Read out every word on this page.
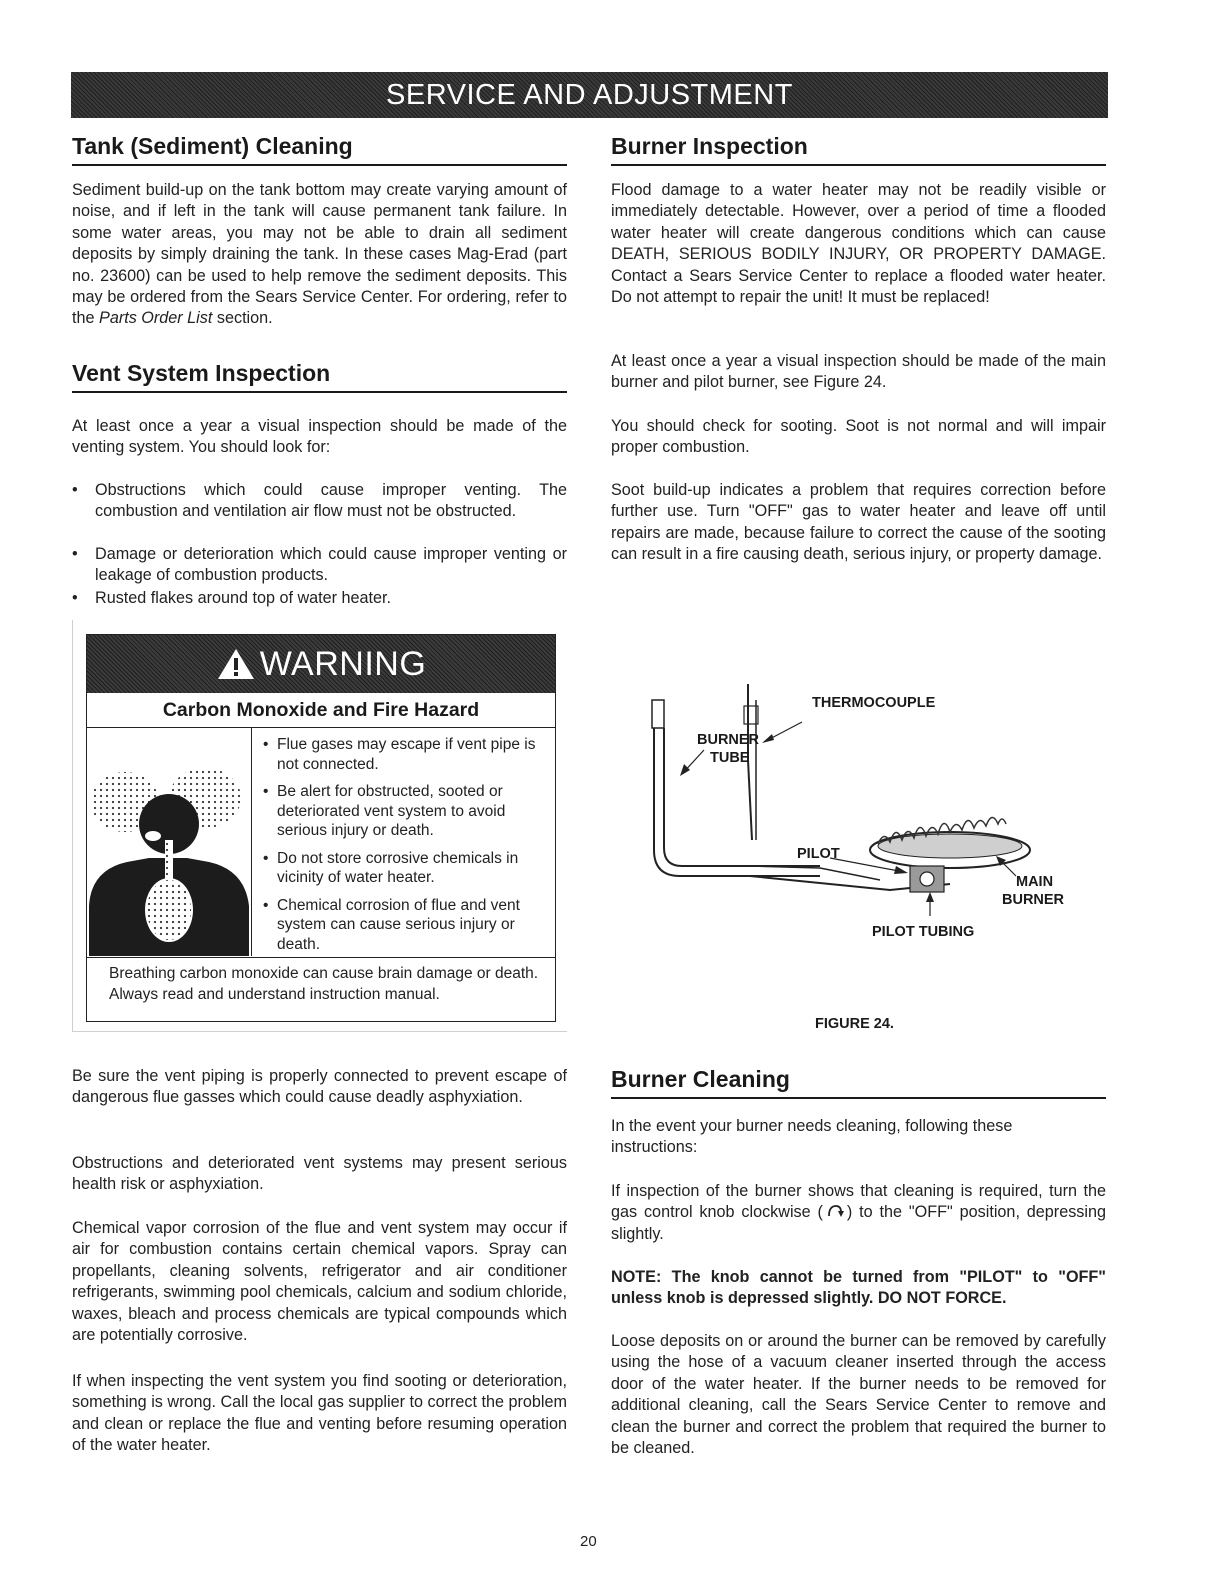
SERVICE AND ADJUSTMENT
Tank (Sediment) Cleaning

Sediment build-up on the tank bottom may create varying amount of noise, and if left in the tank will cause permanent tank failure. In some water areas, you may not be able to drain all sediment deposits by simply draining the tank. In these cases Mag-Erad (part no. 23600) can be used to help remove the sediment deposits. This may be ordered from the Sears Service Center. For ordering, refer to the Parts Order List section.

Vent System Inspection

At least once a year a visual inspection should be made of the venting system. You should look for:

• Obstructions which could cause improper venting. The combustion and ventilation air flow must not be obstructed.
• Damage or deterioration which could cause improper venting or leakage of combustion products.
• Rusted flakes around top of water heater.
WARNING
Carbon Monoxide and Fire Hazard
• Flue gases may escape if vent pipe is not connected.
• Be alert for obstructed, sooted or deteriorated vent system to avoid serious injury or death.
• Do not store corrosive chemicals in vicinity of water heater.
• Chemical corrosion of flue and vent system can cause serious injury or death.

Breathing carbon monoxide can cause brain damage or death. Always read and understand instruction manual.

Be sure the vent piping is properly connected to prevent escape of dangerous flue gasses which could cause deadly asphyxiation.

Obstructions and deteriorated vent systems may present serious health risk or asphyxiation.

Chemical vapor corrosion of the flue and vent system may occur if air for combustion contains certain chemical vapors. Spray can propellants, cleaning solvents, refrigerator and air conditioner refrigerants, swimming pool chemicals, calcium and sodium chloride, waxes, bleach and process chemicals are typical compounds which are potentially corrosive.

If when inspecting the vent system you find sooting or deterioration, something is wrong. Call the local gas supplier to correct the problem and clean or replace the flue and venting before resuming operation of the water heater.

Burner Inspection

Flood damage to a water heater may not be readily visible or immediately detectable. However, over a period of time a flooded water heater will create dangerous conditions which can cause DEATH, SERIOUS BODILY INJURY, OR PROPERTY DAMAGE. Contact a Sears Service Center to replace a flooded water heater. Do not attempt to repair the unit! It must be replaced!

At least once a year a visual inspection should be made of the main burner and pilot burner, see Figure 24.

You should check for sooting. Soot is not normal and will impair proper combustion.

Soot build-up indicates a problem that requires correction before further use. Turn "OFF" gas to water heater and leave off until repairs are made, because failure to correct the cause of the sooting can result in a fire causing death, serious injury, or property damage.

THERMOCOUPLE
BURNER
TUBE
PILOT
MAIN
BURNER
PILOT TUBING
FIGURE 24.
Burner Cleaning

In the event your burner needs cleaning, following these instructions:

If inspection of the burner shows that cleaning is required, turn the gas control knob clockwise ( ) to the "OFF" position, depressing slightly.

NOTE: The knob cannot be turned from "PILOT" to "OFF" unless knob is depressed slightly. DO NOT FORCE.

Loose deposits on or around the burner can be removed by carefully using the hose of a vacuum cleaner inserted through the access door of the water heater. If the burner needs to be removed for additional cleaning, call the Sears Service Center to remove and clean the burner and correct the problem that required the burner to be cleaned.

20
